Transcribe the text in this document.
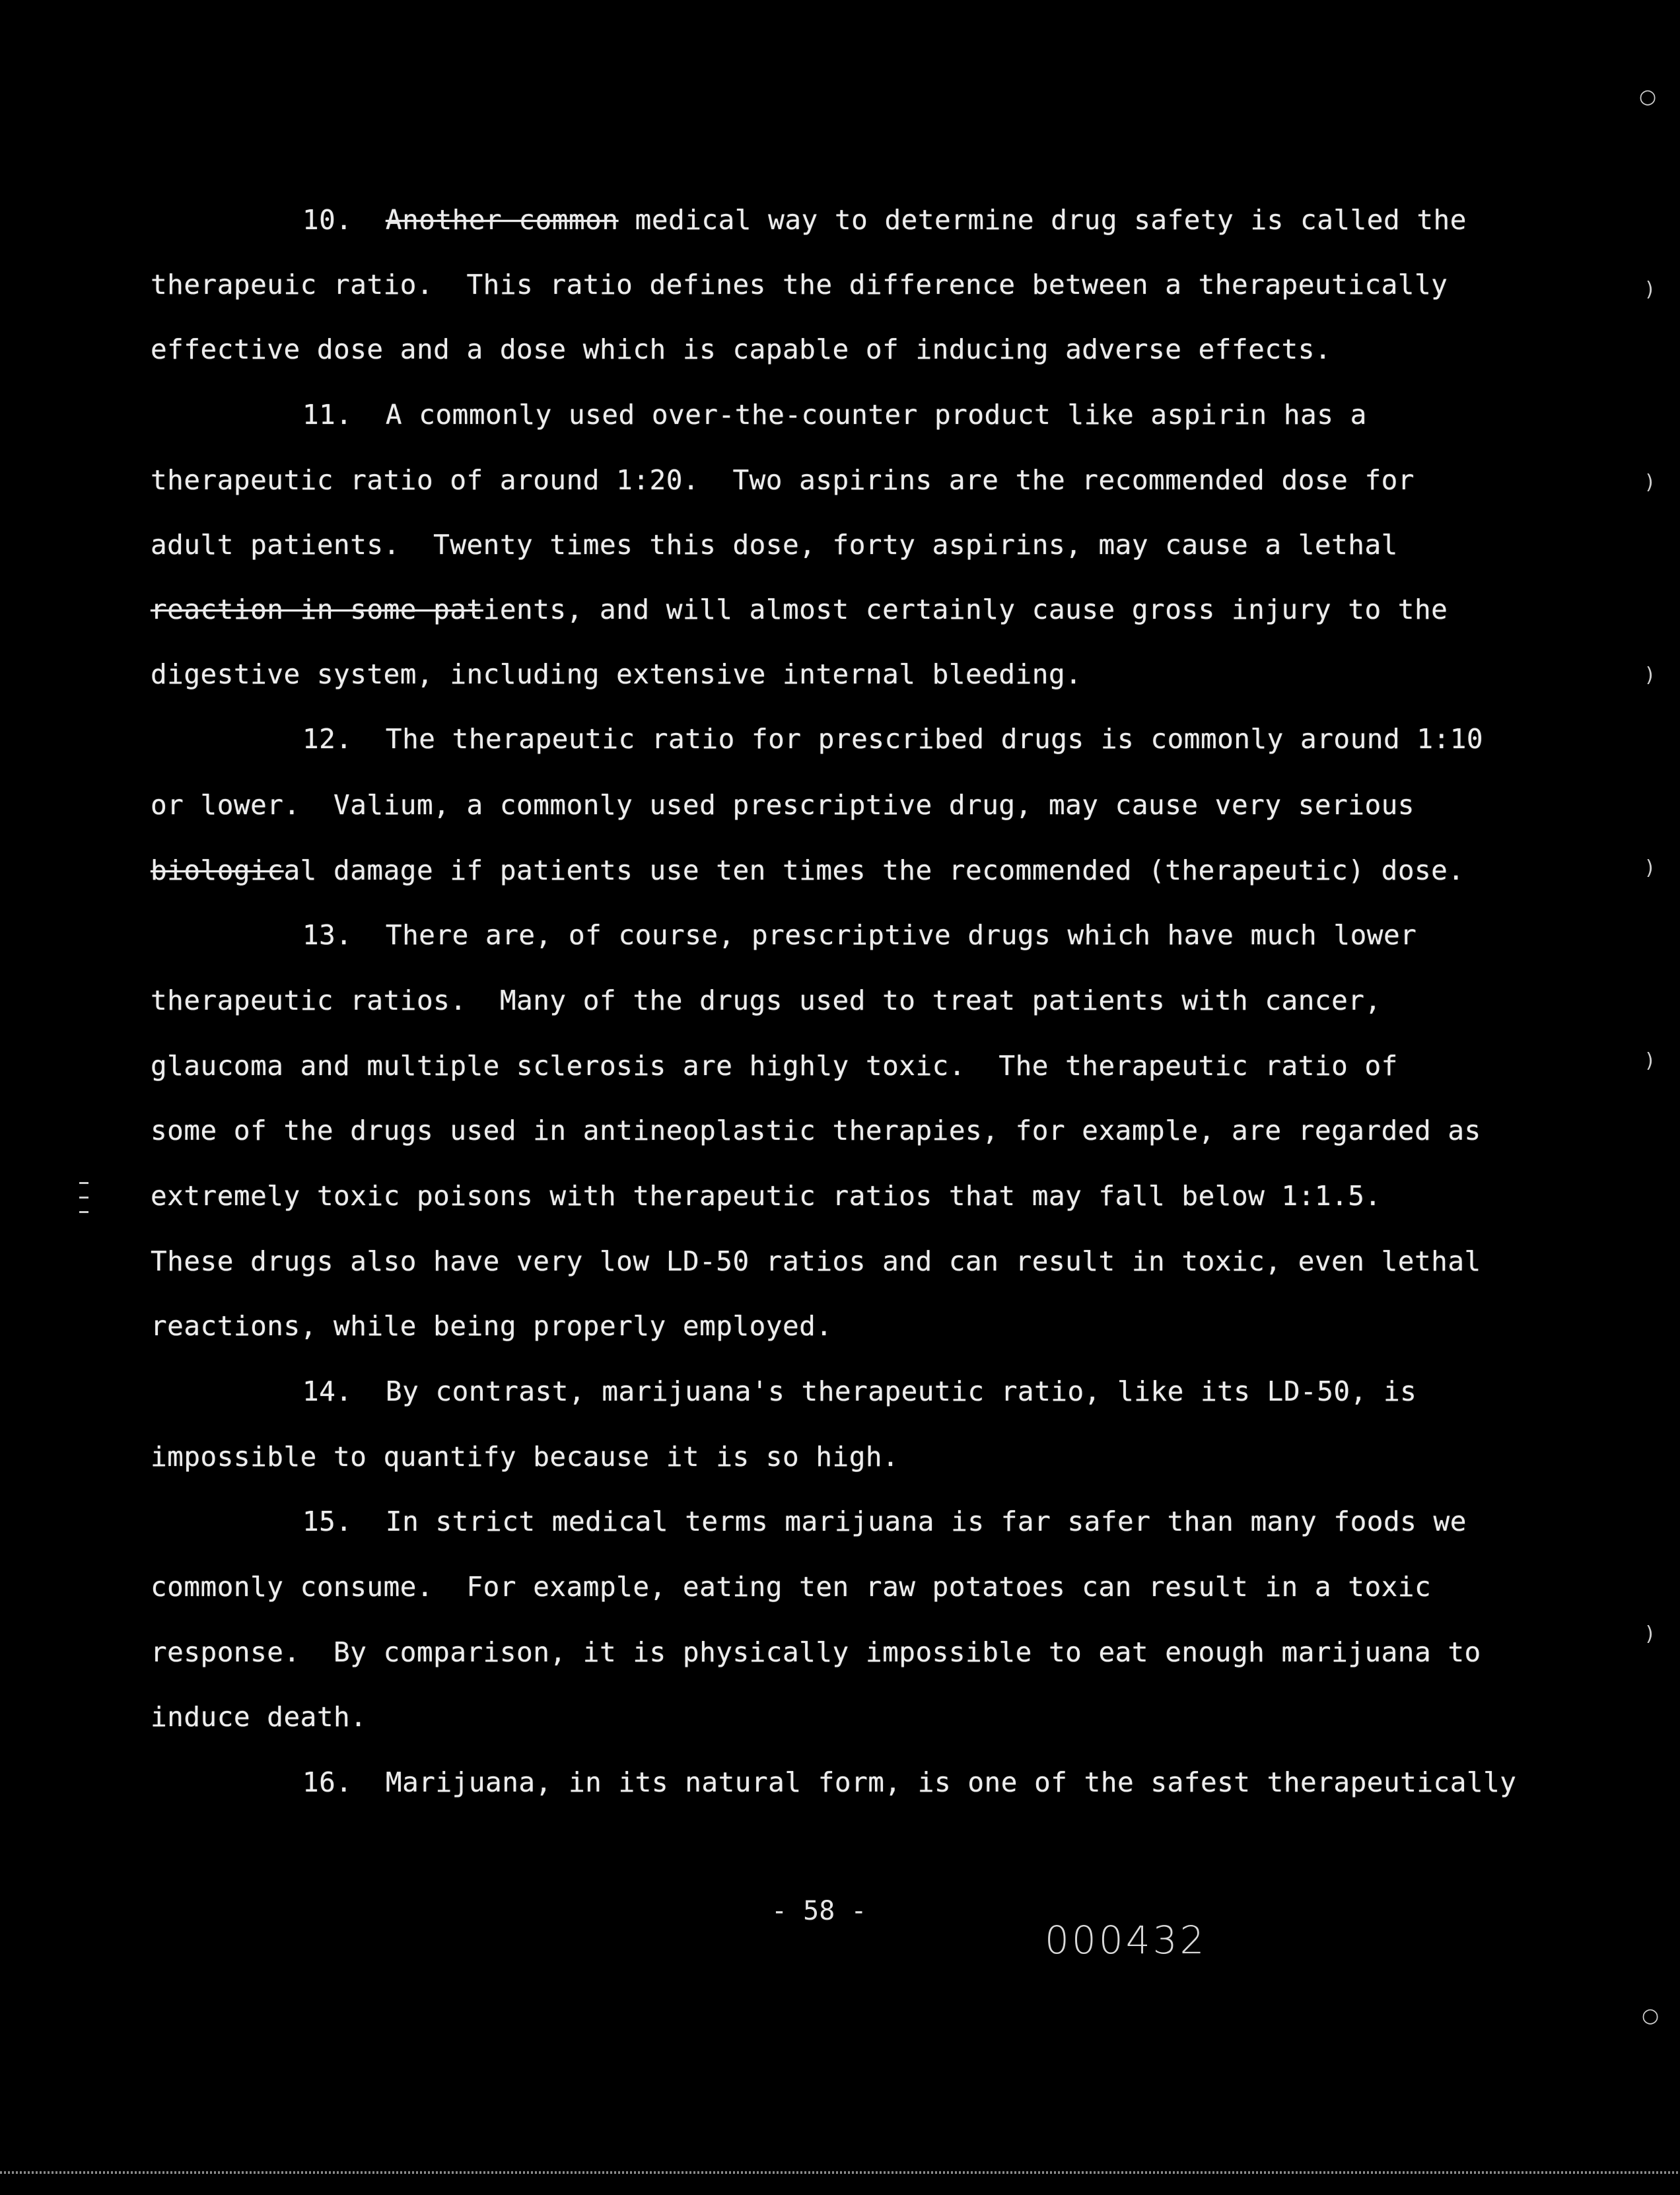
10.  Another common medical way to determine drug safety is called the
therapeuic ratio.  This ratio defines the difference between a therapeutically
effective dose and a dose which is capable of inducing adverse effects.
11.  A commonly used over-the-counter product like aspirin has a
therapeutic ratio of around 1:20.  Two aspirins are the recommended dose for
adult patients.  Twenty times this dose, forty aspirins, may cause a lethal
reaction in some patients, and will almost certainly cause gross injury to the
digestive system, including extensive internal bleeding.
12.  The therapeutic ratio for prescribed drugs is commonly around 1:10
or lower.  Valium, a commonly used prescriptive drug, may cause very serious
biological damage if patients use ten times the recommended (therapeutic) dose.
13.  There are, of course, prescriptive drugs which have much lower
therapeutic ratios.  Many of the drugs used to treat patients with cancer,
glaucoma and multiple sclerosis are highly toxic.  The therapeutic ratio of
some of the drugs used in antineoplastic therapies, for example, are regarded as
extremely toxic poisons with therapeutic ratios that may fall below 1:1.5.
These drugs also have very low LD-50 ratios and can result in toxic, even lethal
reactions, while being properly employed.
14.  By contrast, marijuana's therapeutic ratio, like its LD-50, is
impossible to quantify because it is so high.
15.  In strict medical terms marijuana is far safer than many foods we
commonly consume.  For example, eating ten raw potatoes can result in a toxic
response.  By comparison, it is physically impossible to eat enough marijuana to
induce death.
16.  Marijuana, in its natural form, is one of the safest therapeutically
- 58 -
000432
○
)
)
)
)
)
)
○
